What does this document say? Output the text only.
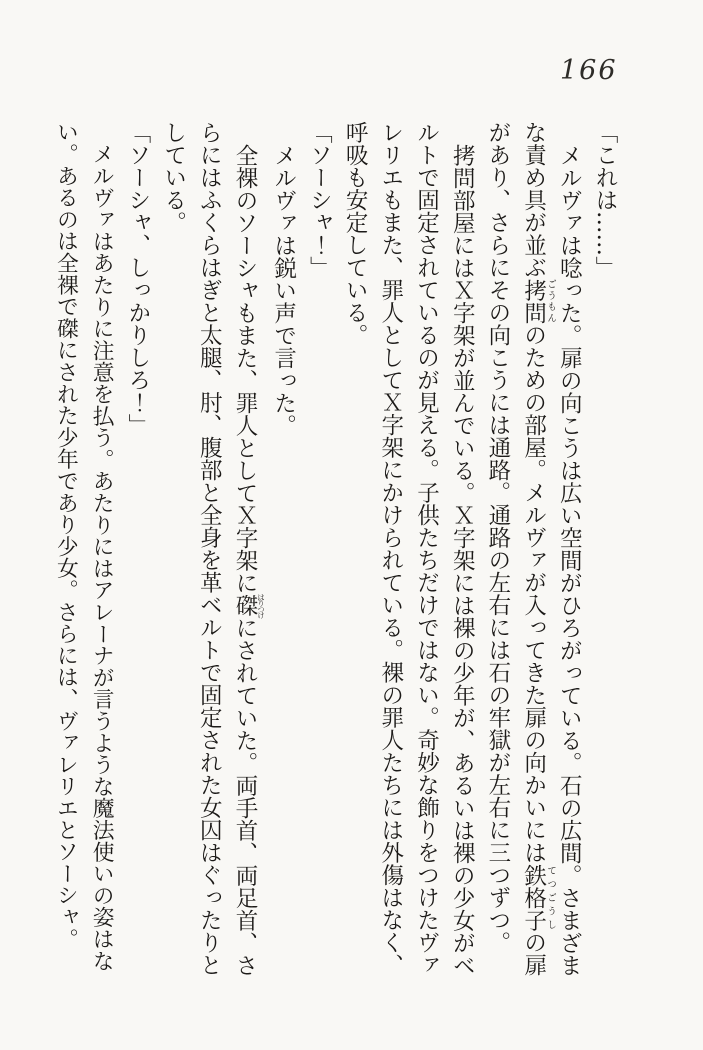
166

「これは……」

メルヴァは唸った。扉の向こうは広い空間がひろがっている。石の広間。さまざまな責め具が並ぶ拷問ごうもんのための部屋。メルヴァが入ってきた扉の向かいには鉄格子てつごうしの扉があり、さらにその向こうには通路。通路の左右には石の牢獄が左右に三つずつ。

拷問部屋にはＸ字架が並んでいる。Ｘ字架には裸の少年が、あるいは裸の少女がベルトで固定されているのが見える。子供たちだけではない。奇妙な飾りをつけたヴァレリエもまた、罪人としてＸ字架にかけられている。裸の罪人たちには外傷はなく、呼吸も安定している。

「ソーシャ！」

メルヴァは鋭い声で言った。

全裸のソーシャもまた、罪人としてＸ字架に磔はりつけにされていた。両手首、両足首、さらにはふくらはぎと太腿、肘、腹部と全身を革ベルトで固定された女囚はぐったりとしている。

「ソーシャ、しっかりしろ！」

メルヴァはあたりに注意を払う。あたりにはアレーナが言うような魔法使いの姿はない。あるのは全裸で磔にされた少年であり少女。さらには、ヴァレリエとソーシャ。
